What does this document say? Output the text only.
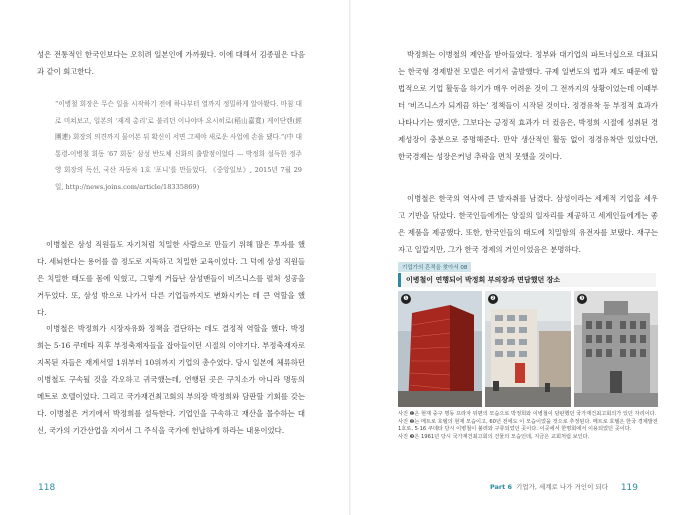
성은 전통적인 한국인보다는 오히려 일본인에 가까웠다. 이에 대해서 김종필은 다음과 같이 회고한다.

“이병철 회장은 무슨 일을 시작하기 전에 하나부터 열까지 정밀하게 알아봤다. 마침 대로 미쳐보고, 일본의 ‘재계 총리’로 불리던 이나야마 요시히로(稻山嘉寬) 게이단렌(經團連) 회장의 의견까지 물어본 뒤 확신이 서면 그제야 새로운 사업에 손을 댔다.”(中 대통령-이병철 회동 ‘67 회동’ 삼성 반도체 신화의 출발점이었다 — 박정희 설득한 정주영 회장의 독선, 국산 자동차 1호 ‘포니’를 만들었다, 《중앙일보》, 2015년 7월 29일, http://news.joins.com/article/18335869)

이병철은 삼성 직원들도 자기처럼 치밀한 사람으로 만들기 위해 많은 투자를 했다. 세뇌한다는 용어를 쓸 정도로 지독하고 치밀한 교육이었다. 그 덕에 삼성 직원들은 치밀한 태도를 몸에 익혔고, 그렇게 거듭난 삼성맨들이 비즈니스를 펼쳐 성공을 거두었다. 또, 삼성 밖으로 나가서 다른 기업들까지도 변화시키는 데 큰 역할을 했다.

이병철은 박정희가 시장자유화 정책을 결단하는 데도 결정적 역할을 했다. 박정희는 5·16 쿠데타 직후 부정축재자들을 잡아들이던 시절의 이야기다. 부정축재자로 지목된 자들은 재계서열 1위부터 10위까지 기업의 총수였다. 당시 일본에 체류하던 이병철도 구속될 것을 각오하고 귀국했는데, 연행된 곳은 구치소가 아니라 명동의 메트로 호텔이었다. 그리고 국가재건최고회의 부의장 박정희와 담판할 기회를 갖는다. 이병철은 거기에서 박정희를 설득한다. 기업인을 구속하고 재산을 몰수하는 대신, 국가의 기간산업을 지어서 그 주식을 국가에 헌납하게 하라는 내용이었다.

118

박정희는 이병철의 제안을 받아들였다. 정부와 대기업의 파트너십으로 대표되는 한국형 경제발전 모델은 여기서 출발했다. 규제 일변도의 법과 제도 때문에 합법적으로 기업 활동을 하기가 매우 어려운 것이 그 전까지의 상황이었는데 이때부터 ‘비즈니스가 되게끔 하는’ 정책들이 시작된 것이다. 정경유착 등 부정적 효과가 나타나기는 했지만, 그보다는 긍정적 효과가 더 컸음은, 박정희 시절에 성취된 경제성장이 충분으로 증명해준다. 만약 생산적인 활동 없이 정경유착만 있었다면, 한국경제는 성장은커녕 추락을 면치 못했을 것이다.

이병철은 한국의 역사에 큰 발자취를 남겼다. 삼성이라는 세계적 기업을 세우고 기반을 닦았다. 한국인들에게는 양질의 일자리를 제공하고 세계인들에게는 좋은 제품을 제공했다. 또한, 한국인들의 태도에 치밀함의 유전자를 보탰다. 재구는 자고 일깝지만, 그가 한국 경제의 거인이었음은 분명하다.

기업가의 흔적을 찾아서 08
이병철이 연행되어 박정희 부의장과 면담했던 장소
❶	❷	❸
사진 ❶은 현재 중구 명동 프라자 뒤편의 모습으로 박정희와 이병철이 담판했던 국가재건최고회의가 있던 자리이다.
사진 ❷는 메트로 호텔의 현재 모습이고, 60년 전에도 이 모습이었을 것으로 추정된다. 메트로 호텔은 한국 경제발전 1호로, 5·16 쿠데타 당시 이병철이 불려와 구류되었던 곳이다. 이곳에서 한명회에서 이용되었던 곳이다.
사진 ❸은 1961년 당시 국가재건최고회의 건물의 모습인데, 지금은 교회처럼 보인다.
Part 6 기업가, 세계로 나가 거인이 되다 119
